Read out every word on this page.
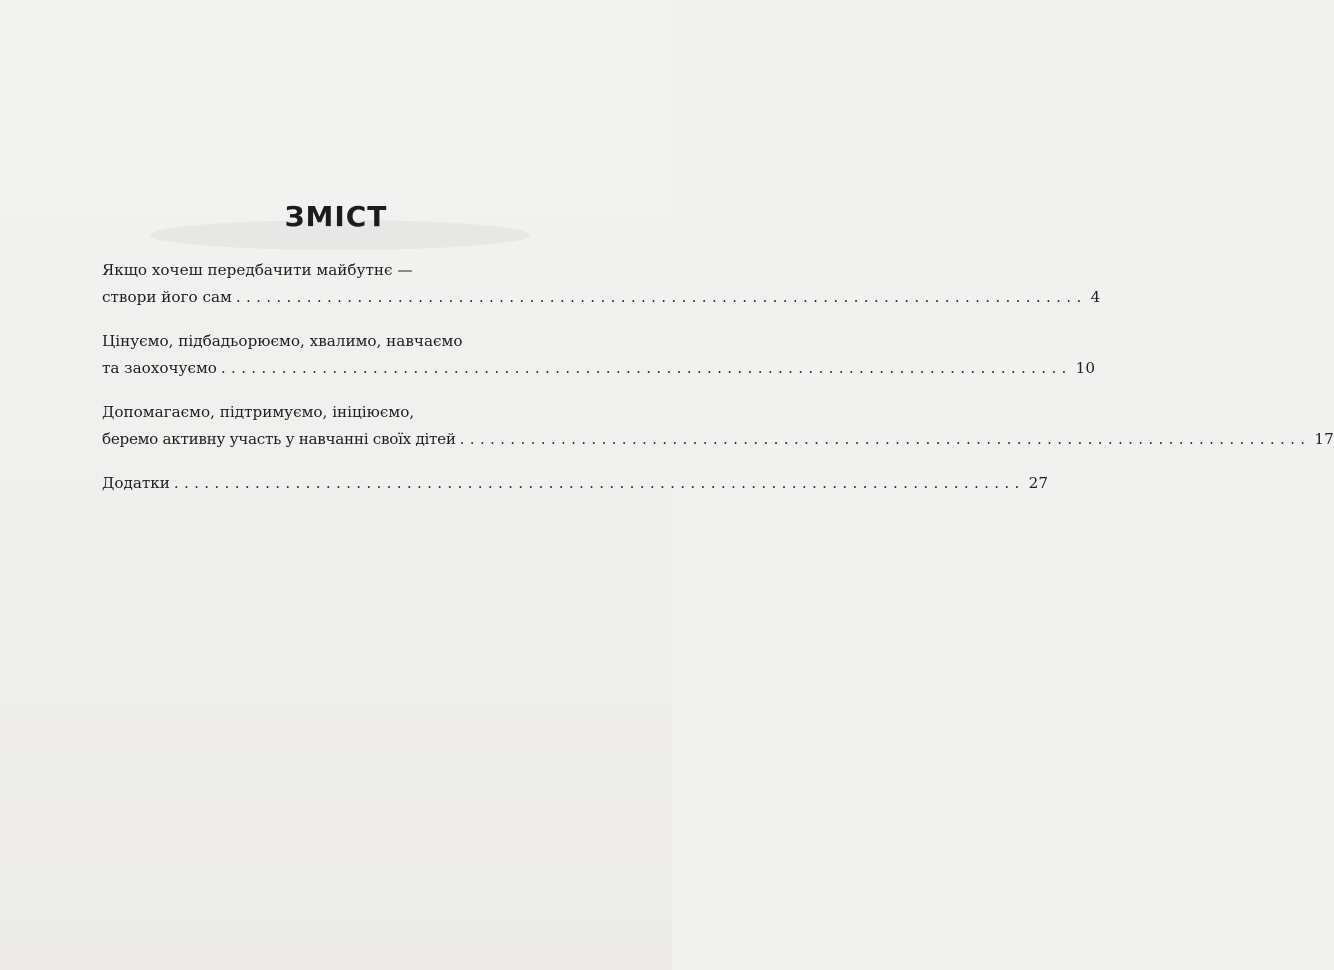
ЗМІСТ
Якщо хочеш передбачити майбутнє —
створи його сам .................................................................................... 4
Цінуємо, підбадьорюємо, хвалимо, навчаємо
та заохочуємо .................................................................................... 10
Допомагаємо, підтримуємо, ініціюємо,
беремо активну участь у навчанні своїх дітей .................................................................................... 17
Додатки .................................................................................... 27
